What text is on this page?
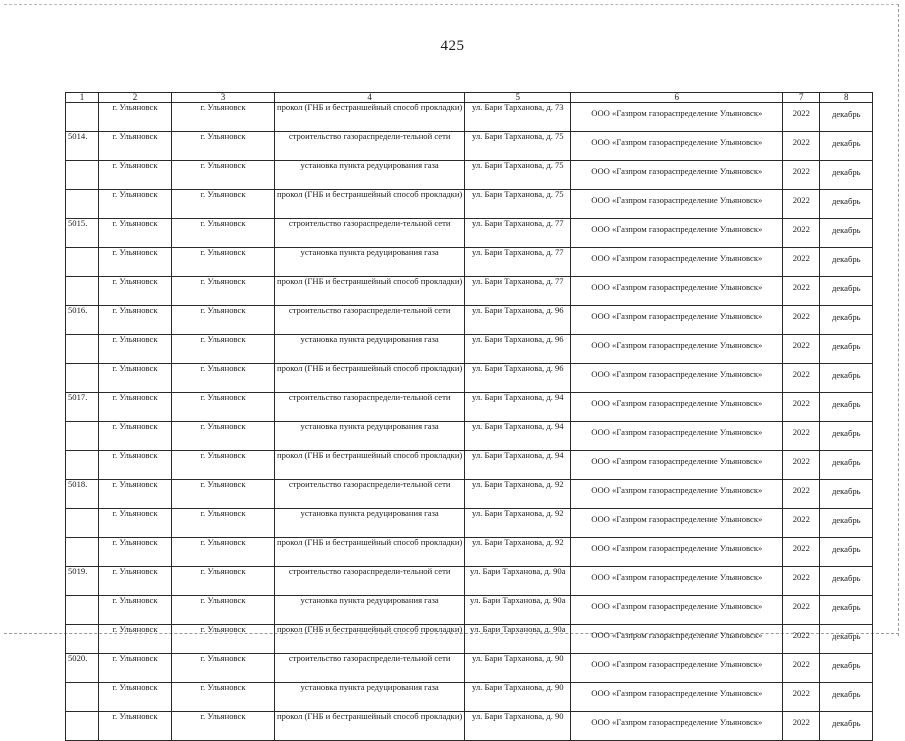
425
1	2	3	4	5	6	7	8
	г. Ульяновск	г. Ульяновск	прокол (ГНБ и бестраншейный способ прокладки)	ул. Бари Тарханова, д. 73	ООО «Газпром газораспределение Ульяновск»	2022	декабрь
5014.	г. Ульяновск	г. Ульяновск	строительство газораспредели-тельной сети	ул. Бари Тарханова, д. 75	ООО «Газпром газораспределение Ульяновск»	2022	декабрь
	г. Ульяновск	г. Ульяновск	установка пункта редуцирования газа	ул. Бари Тарханова, д. 75	ООО «Газпром газораспределение Ульяновск»	2022	декабрь
	г. Ульяновск	г. Ульяновск	прокол (ГНБ и бестраншейный способ прокладки)	ул. Бари Тарханова, д. 75	ООО «Газпром газораспределение Ульяновск»	2022	декабрь
5015.	г. Ульяновск	г. Ульяновск	строительство газораспредели-тельной сети	ул. Бари Тарханова, д. 77	ООО «Газпром газораспределение Ульяновск»	2022	декабрь
	г. Ульяновск	г. Ульяновск	установка пункта редуцирования газа	ул. Бари Тарханова, д. 77	ООО «Газпром газораспределение Ульяновск»	2022	декабрь
	г. Ульяновск	г. Ульяновск	прокол (ГНБ и бестраншейный способ прокладки)	ул. Бари Тарханова, д. 77	ООО «Газпром газораспределение Ульяновск»	2022	декабрь
5016.	г. Ульяновск	г. Ульяновск	строительство газораспредели-тельной сети	ул. Бари Тарханова, д. 96	ООО «Газпром газораспределение Ульяновск»	2022	декабрь
	г. Ульяновск	г. Ульяновск	установка пункта редуцирования газа	ул. Бари Тарханова, д. 96	ООО «Газпром газораспределение Ульяновск»	2022	декабрь
	г. Ульяновск	г. Ульяновск	прокол (ГНБ и бестраншейный способ прокладки)	ул. Бари Тарханова, д. 96	ООО «Газпром газораспределение Ульяновск»	2022	декабрь
5017.	г. Ульяновск	г. Ульяновск	строительство газораспредели-тельной сети	ул. Бари Тарханова, д. 94	ООО «Газпром газораспределение Ульяновск»	2022	декабрь
	г. Ульяновск	г. Ульяновск	установка пункта редуцирования газа	ул. Бари Тарханова, д. 94	ООО «Газпром газораспределение Ульяновск»	2022	декабрь
	г. Ульяновск	г. Ульяновск	прокол (ГНБ и бестраншейный способ прокладки)	ул. Бари Тарханова, д. 94	ООО «Газпром газораспределение Ульяновск»	2022	декабрь
5018.	г. Ульяновск	г. Ульяновск	строительство газораспредели-тельной сети	ул. Бари Тарханова, д. 92	ООО «Газпром газораспределение Ульяновск»	2022	декабрь
	г. Ульяновск	г. Ульяновск	установка пункта редуцирования газа	ул. Бари Тарханова, д. 92	ООО «Газпром газораспределение Ульяновск»	2022	декабрь
	г. Ульяновск	г. Ульяновск	прокол (ГНБ и бестраншейный способ прокладки)	ул. Бари Тарханова, д. 92	ООО «Газпром газораспределение Ульяновск»	2022	декабрь
5019.	г. Ульяновск	г. Ульяновск	строительство газораспредели-тельной сети	ул. Бари Тарханова, д. 90а	ООО «Газпром газораспределение Ульяновск»	2022	декабрь
	г. Ульяновск	г. Ульяновск	установка пункта редуцирования газа	ул. Бари Тарханова, д. 90а	ООО «Газпром газораспределение Ульяновск»	2022	декабрь
	г. Ульяновск	г. Ульяновск	прокол (ГНБ и бестраншейный способ прокладки)	ул. Бари Тарханова, д. 90а	ООО «Газпром газораспределение Ульяновск»	2022	декабрь
5020.	г. Ульяновск	г. Ульяновск	строительство газораспредели-тельной сети	ул. Бари Тарханова, д. 90	ООО «Газпром газораспределение Ульяновск»	2022	декабрь
	г. Ульяновск	г. Ульяновск	установка пункта редуцирования газа	ул. Бари Тарханова, д. 90	ООО «Газпром газораспределение Ульяновск»	2022	декабрь
	г. Ульяновск	г. Ульяновск	прокол (ГНБ и бестраншейный способ прокладки)	ул. Бари Тарханова, д. 90	ООО «Газпром газораспределение Ульяновск»	2022	декабрь
